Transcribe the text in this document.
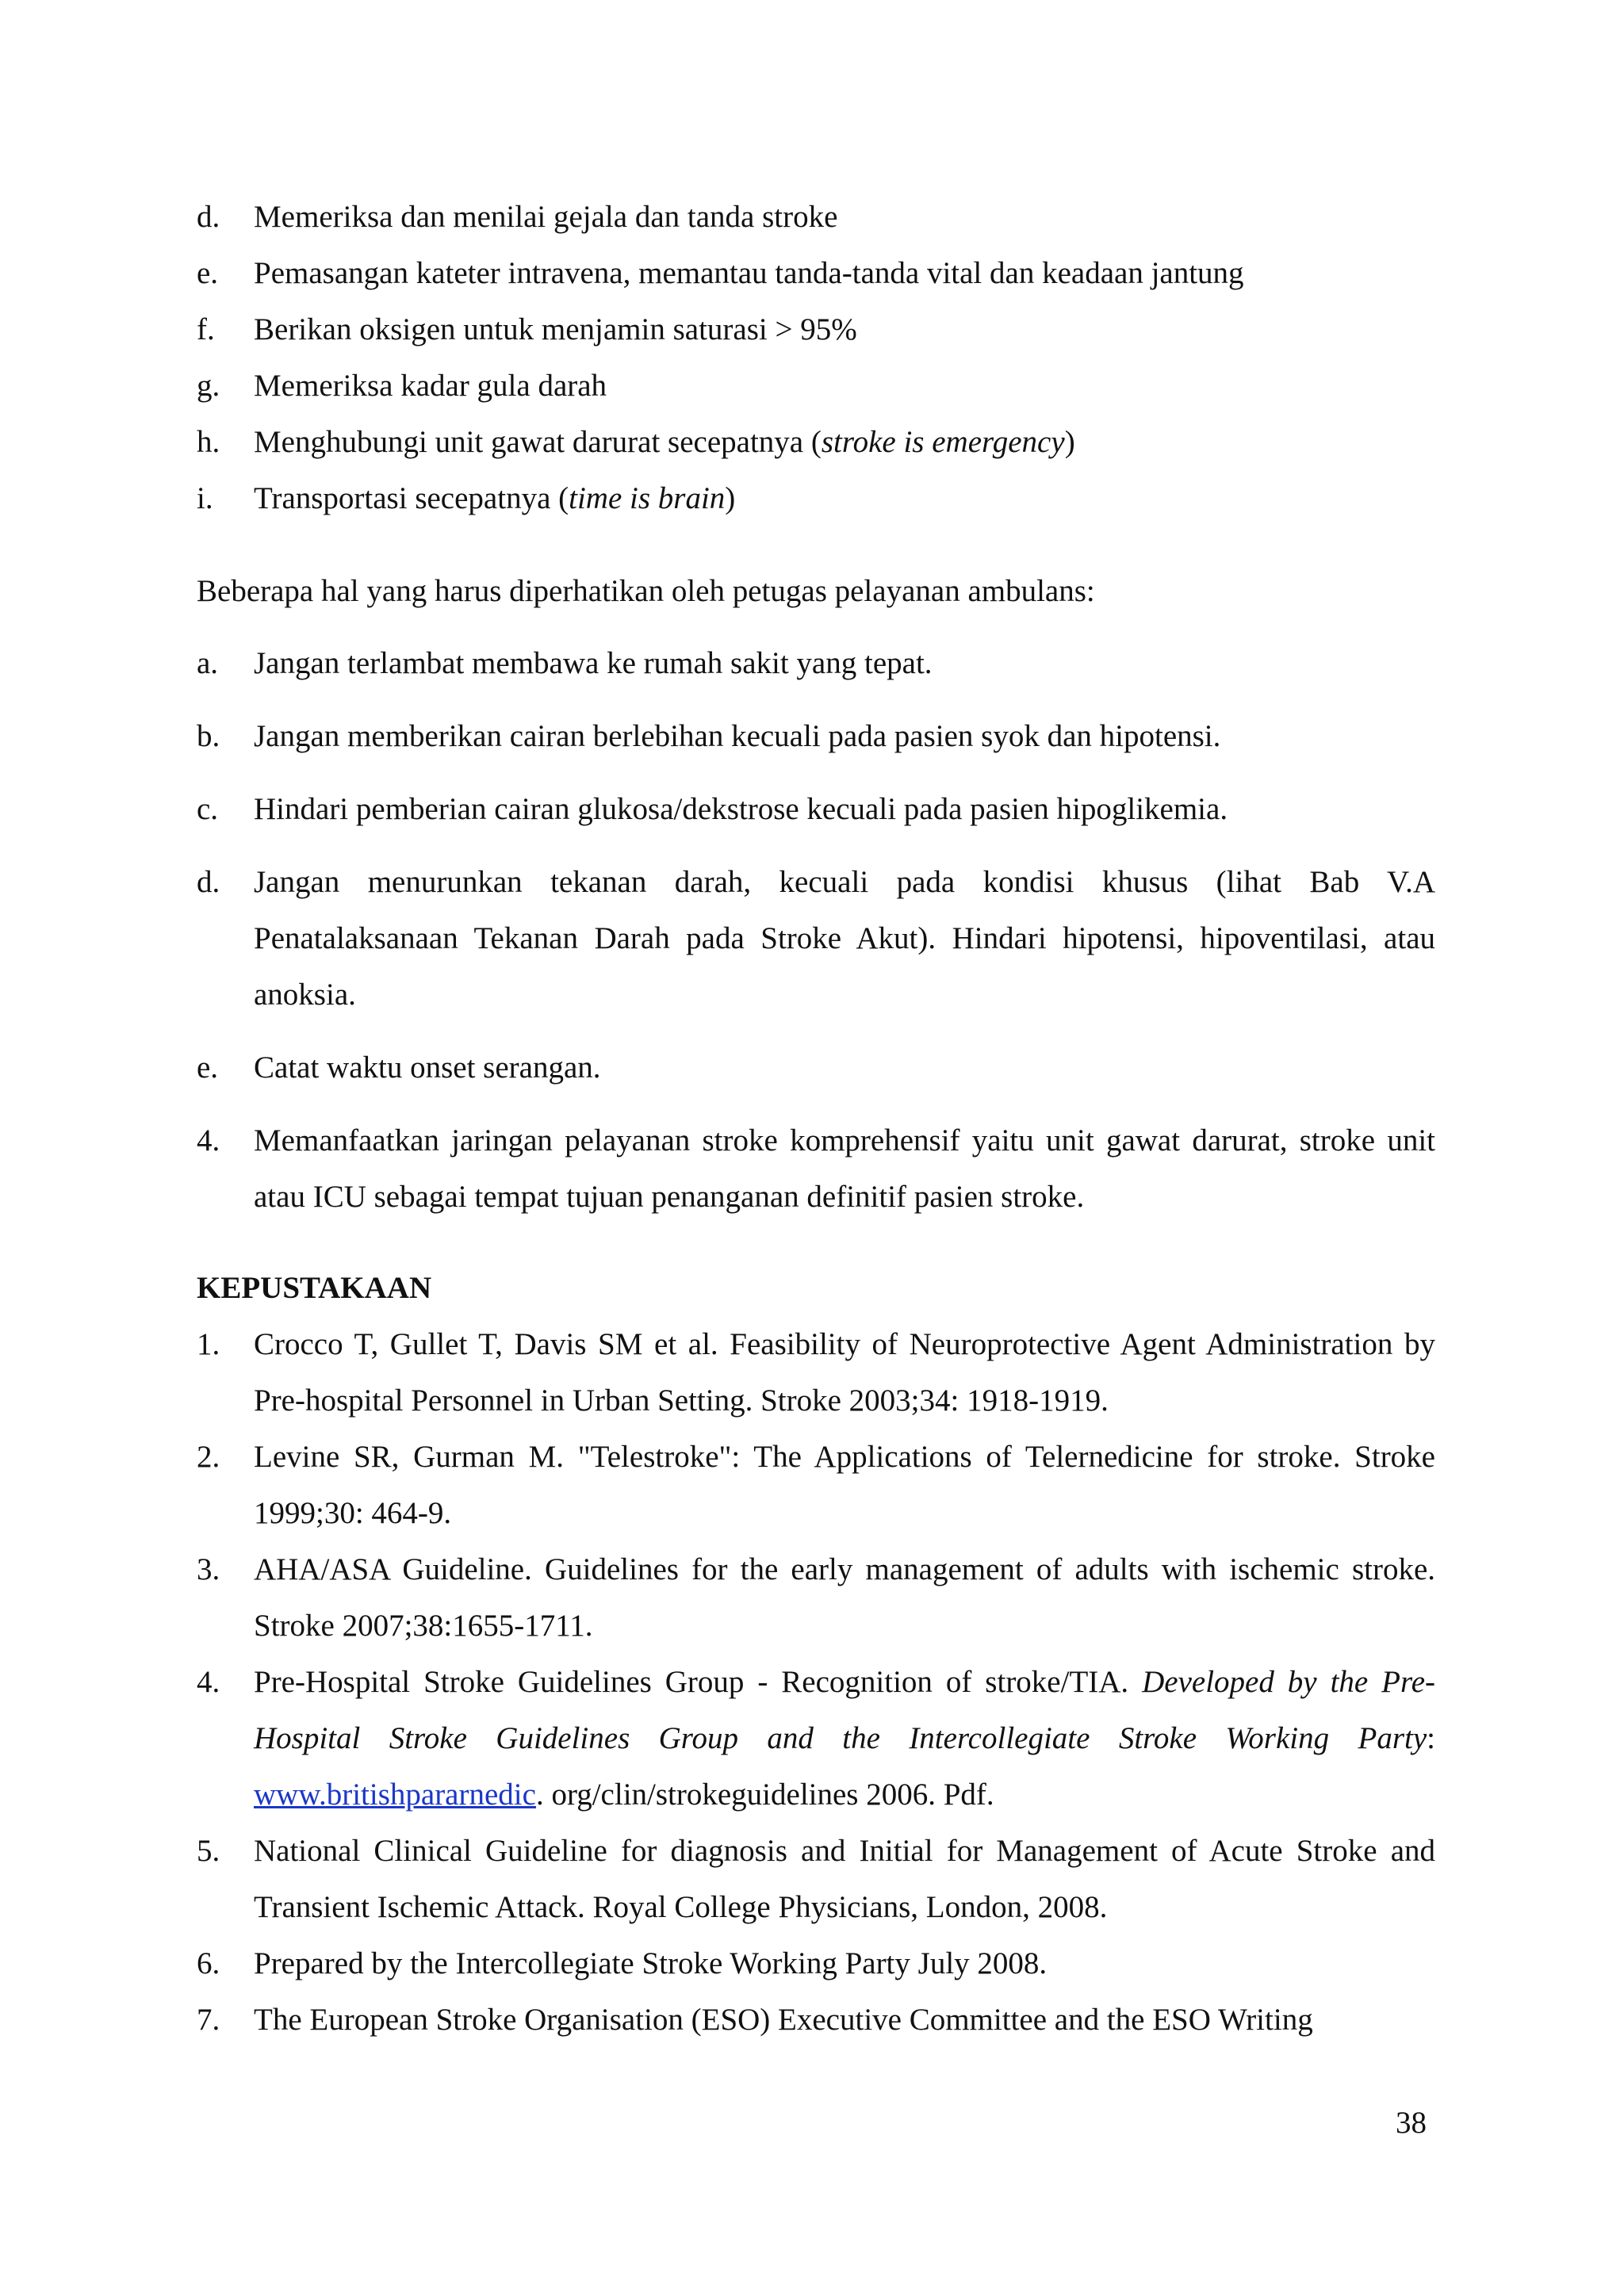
d.	Memeriksa dan menilai gejala dan tanda stroke
e.	Pemasangan kateter intravena, memantau tanda-tanda vital dan keadaan jantung
f.	Berikan oksigen untuk menjamin saturasi > 95%
g.	Memeriksa kadar gula darah
h.	Menghubungi unit gawat darurat secepatnya (stroke is emergency)
i.	Transportasi secepatnya (time is brain)

Beberapa hal yang harus diperhatikan oleh petugas pelayanan ambulans:

a.	Jangan terlambat membawa ke rumah sakit yang tepat.
b.	Jangan memberikan cairan berlebihan kecuali pada pasien syok dan hipotensi.
c.	Hindari pemberian cairan glukosa/dekstrose kecuali pada pasien hipoglikemia.
d.	Jangan menurunkan tekanan darah, kecuali pada kondisi khusus (lihat Bab V.A Penatalaksanaan Tekanan Darah pada Stroke Akut). Hindari hipotensi, hipoventilasi, atau anoksia.
e.	Catat waktu onset serangan.
4.	Memanfaatkan jaringan pelayanan stroke komprehensif yaitu unit gawat darurat, stroke unit atau ICU sebagai tempat tujuan penanganan definitif pasien stroke.

KEPUSTAKAAN

1.	Crocco T, Gullet T, Davis SM et al. Feasibility of Neuroprotective Agent Administration by Pre-hospital Personnel in Urban Setting. Stroke 2003;34: 1918-1919.
2.	Levine SR, Gurman M. "Telestroke": The Applications of Telernedicine for stroke. Stroke 1999;30: 464-9.
3.	AHA/ASA Guideline. Guidelines for the early management of adults with ischemic stroke. Stroke 2007;38:1655-1711.
4.	Pre-Hospital Stroke Guidelines Group - Recognition of stroke/TIA. Developed by the Pre-Hospital Stroke Guidelines Group and the Intercollegiate Stroke Working Party: www.britishpararnedic. org/clin/strokeguidelines 2006. Pdf.
5.	National Clinical Guideline for diagnosis and Initial for Management of Acute Stroke and Transient Ischemic Attack. Royal College Physicians, London, 2008.
6.	Prepared by the Intercollegiate Stroke Working Party July 2008.
7.	The European Stroke Organisation (ESO) Executive Committee and the ESO Writing
38
